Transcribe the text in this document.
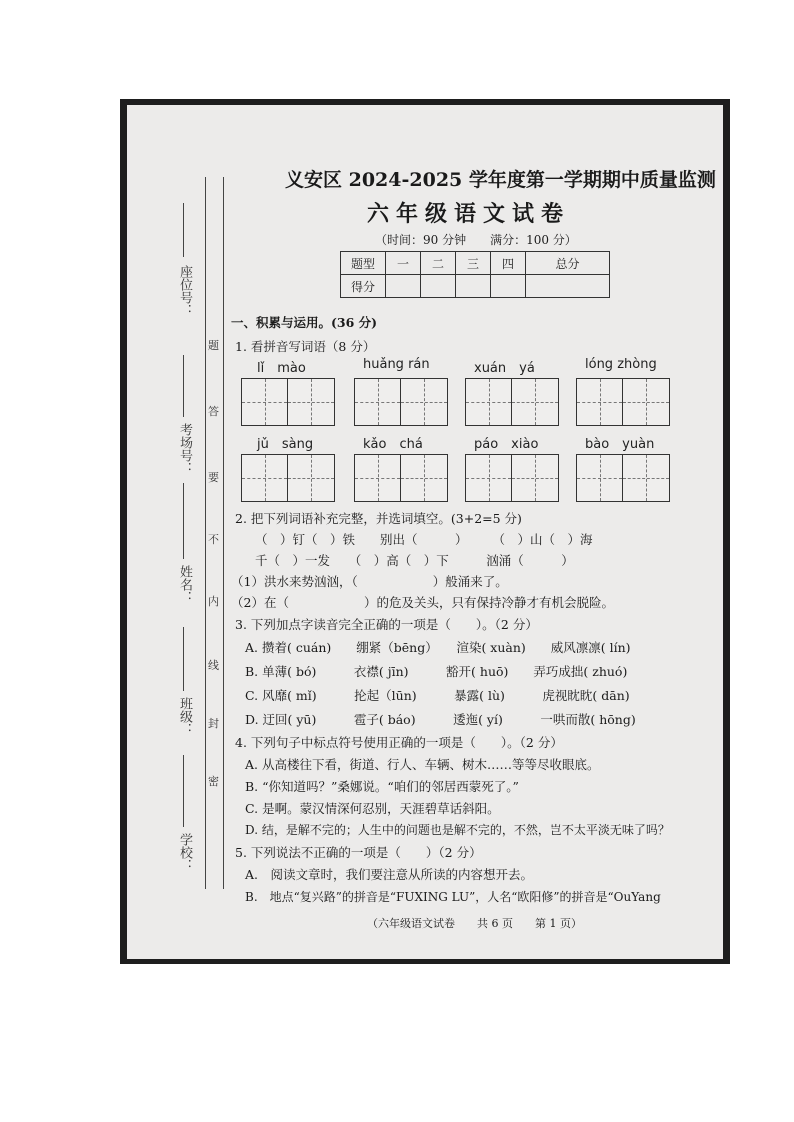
座位号：
考场号：
姓名：
班级：
学校：
题
答
要
不
内
线
封
密
义安区 2024-2025 学年度第一学期期中质量监测
六年级语文试卷
（时间：90 分钟　　满分：100 分）
题型	一	二	三	四	总分
得分					
一、积累与运用。(36 分)
1. 看拼音写词语（8 分）
lǐ　mào	huǎng rán	xuán　yá	lóng zhòng
jǔ　sàng	kǎo　chá	páo　xiào	bào　yuàn
2. 把下列词语补充完整，并选词填空。(3+2=5 分)
（　）钉（　）铁　　别出（　　　）　　　（　）山（　）海
千（　）一发　　（　）高（　）下　　　汹涌（　　　）
（1）洪水来势汹汹，（　　　　　　）般涌来了。
（2）在（　　　　　　）的危及关头，只有保持冷静才有机会脱险。
3. 下列加点字读音完全正确的一项是（　　）。（2 分）
A. 攒着( cuán)　　绷紧（bēng）　　渲染( xuàn)　　威风凛凛( lín)
B. 单薄( bó)　　　衣襟( jīn)　　　豁开( huō)　　弄巧成拙( zhuó)
C. 风靡( mǐ)　　　抡起（lūn)　　　暴露( lù)　　　虎视眈眈( dān)
D. 迂回( yū)　　　雹子( báo)　　　逶迤( yí)　　　一哄而散( hōng)
4. 下列句子中标点符号使用正确的一项是（　　）。（2 分）
A. 从高楼往下看，街道、行人、车辆、树木……等等尽收眼底。
B. “你知道吗？”桑娜说。“咱们的邻居西蒙死了。”
C. 是啊。蒙汉情深何忍别，天涯碧草话斜阳。
D. 结，是解不完的；人生中的问题也是解不完的，不然，岂不太平淡无味了吗？
5. 下列说法不正确的一项是（　　）（2 分）
A.　阅读文章时，我们要注意从所读的内容想开去。
B.　地点“复兴路”的拼音是“FUXING LU”，人名“欧阳修”的拼音是“OuYang
（六年级语文试卷　　共 6 页　　第 1 页）
